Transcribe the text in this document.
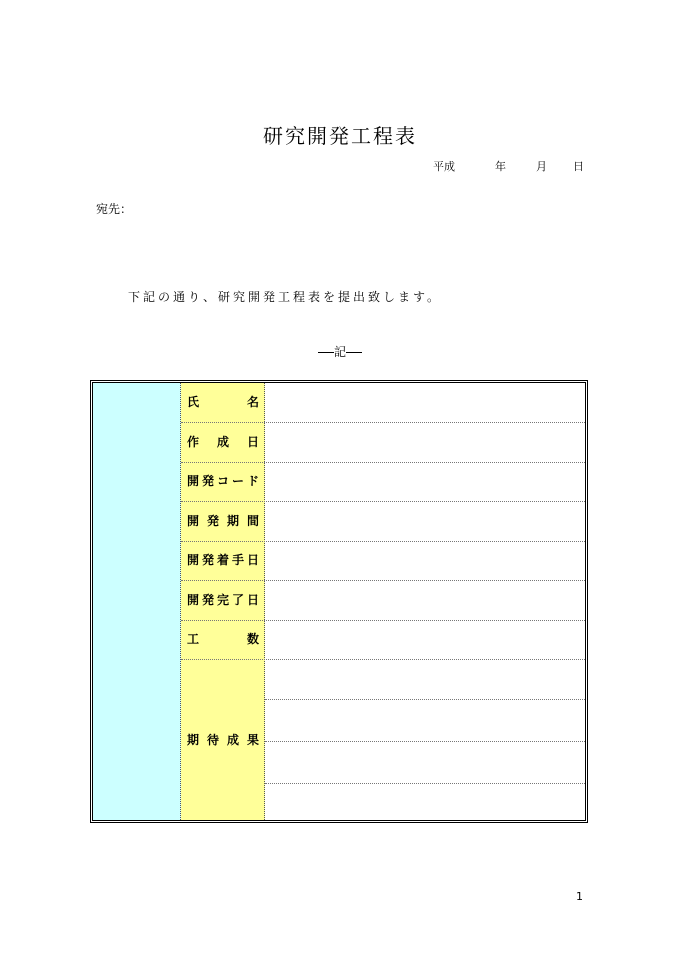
研究開発工程表
平成	年	月 日
宛先：
下記の通り、研究開発工程表を提出致します。
記
氏	名
作 成 日
開 発 コ ー ド
開 発 期 間
開 発 着 手 日
開 発 完 了 日
工	数
期 待 成 果
1
